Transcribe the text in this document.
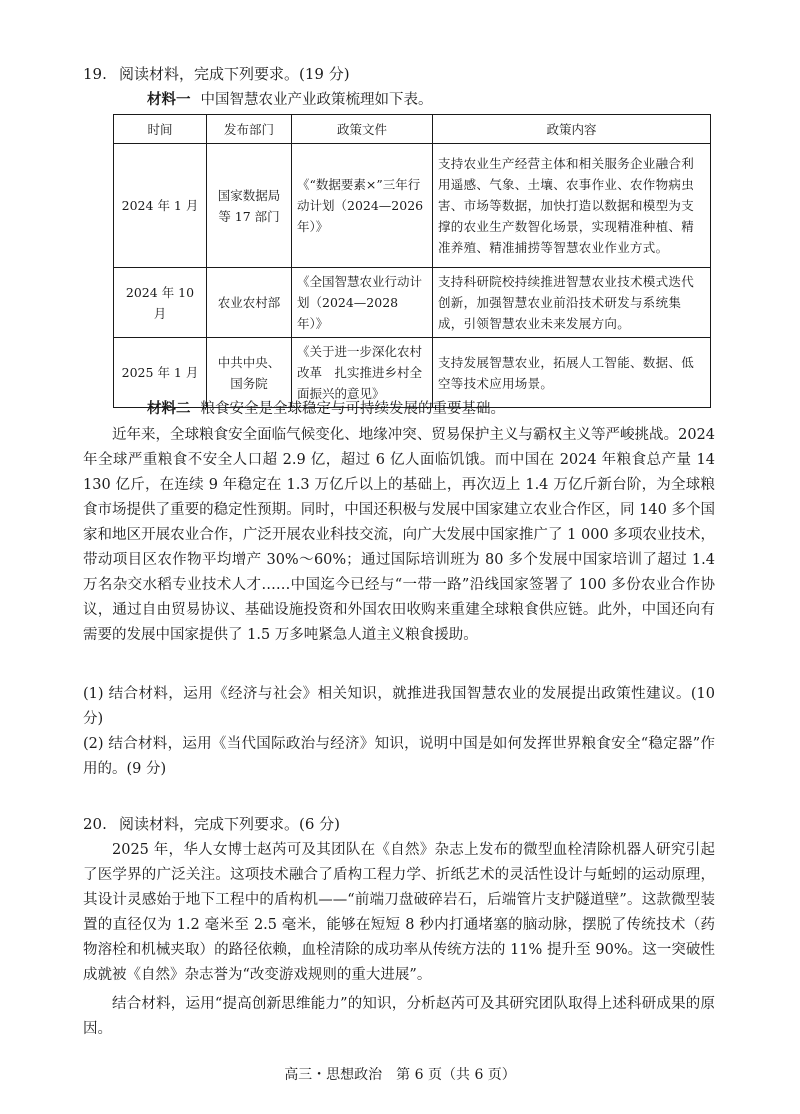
19. 阅读材料，完成下列要求。(19 分)
材料一 中国智慧农业产业政策梳理如下表。
时间	发布部门	政策文件	政策内容
2024 年 1 月	国家数据局等 17 部门	《“数据要素×”三年行动计划（2024—2026 年）》	支持农业生产经营主体和相关服务企业融合利用遥感、气象、土壤、农事作业、农作物病虫害、市场等数据，加快打造以数据和模型为支撑的农业生产数智化场景，实现精准种植、精准养殖、精准捕捞等智慧农业作业方式。
2024 年 10 月	农业农村部	《全国智慧农业行动计划（2024—2028 年）》	支持科研院校持续推进智慧农业技术模式迭代创新，加强智慧农业前沿技术研发与系统集成，引领智慧农业未来发展方向。
2025 年 1 月	中共中央、国务院	《关于进一步深化农村改革　扎实推进乡村全面振兴的意见》	支持发展智慧农业，拓展人工智能、数据、低空等技术应用场景。
材料二 粮食安全是全球稳定与可持续发展的重要基础。

近年来，全球粮食安全面临气候变化、地缘冲突、贸易保护主义与霸权主义等严峻挑战。2024 年全球严重粮食不安全人口超 2.9 亿，超过 6 亿人面临饥饿。而中国在 2024 年粮食总产量 14 130 亿斤，在连续 9 年稳定在 1.3 万亿斤以上的基础上，再次迈上 1.4 万亿斤新台阶，为全球粮食市场提供了重要的稳定性预期。同时，中国还积极与发展中国家建立农业合作区，同 140 多个国家和地区开展农业合作，广泛开展农业科技交流，向广大发展中国家推广了 1 000 多项农业技术，带动项目区农作物平均增产 30%～60%；通过国际培训班为 80 多个发展中国家培训了超过 1.4 万名杂交水稻专业技术人才……中国迄今已经与“一带一路”沿线国家签署了 100 多份农业合作协议，通过自由贸易协议、基础设施投资和外国农田收购来重建全球粮食供应链。此外，中国还向有需要的发展中国家提供了 1.5 万多吨紧急人道主义粮食援助。

(1) 结合材料，运用《经济与社会》相关知识，就推进我国智慧农业的发展提出政策性建议。(10 分)

(2) 结合材料，运用《当代国际政治与经济》知识，说明中国是如何发挥世界粮食安全“稳定器”作用的。(9 分)

20. 阅读材料，完成下列要求。(6 分)

2025 年，华人女博士赵芮可及其团队在《自然》杂志上发布的微型血栓清除机器人研究引起了医学界的广泛关注。这项技术融合了盾构工程力学、折纸艺术的灵活性设计与蚯蚓的运动原理，其设计灵感始于地下工程中的盾构机——“前端刀盘破碎岩石，后端管片支护隧道壁”。这款微型装置的直径仅为 1.2 毫米至 2.5 毫米，能够在短短 8 秒内打通堵塞的脑动脉，摆脱了传统技术（药物溶栓和机械夹取）的路径依赖，血栓清除的成功率从传统方法的 11% 提升至 90%。这一突破性成就被《自然》杂志誉为“改变游戏规则的重大进展”。

结合材料，运用“提高创新思维能力”的知识，分析赵芮可及其研究团队取得上述科研成果的原因。

高三・思想政治　第 6 页（共 6 页）
